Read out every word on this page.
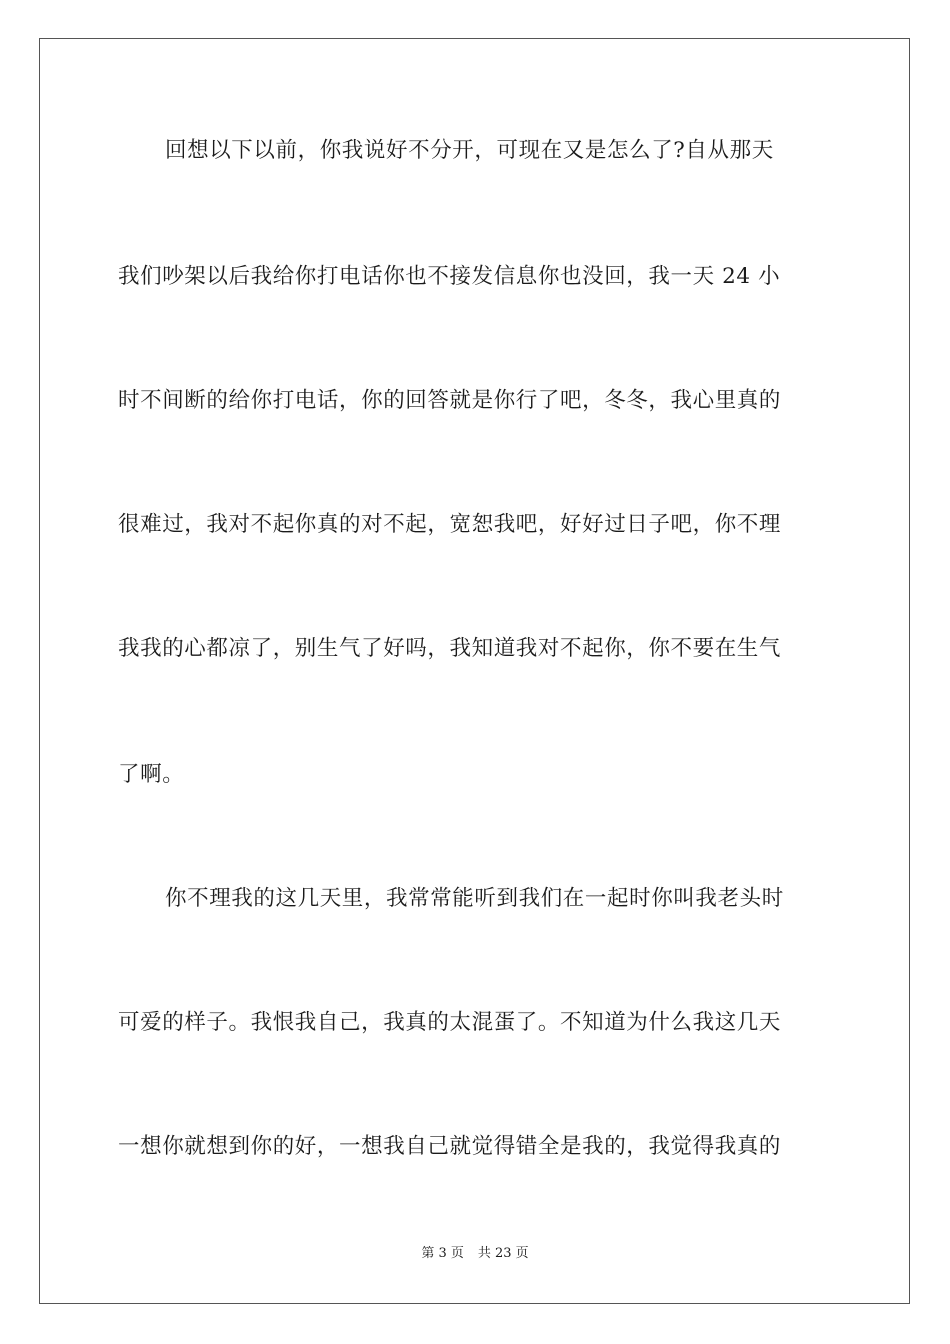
回想以下以前，你我说好不分开，可现在又是怎么了?自从那天
我们吵架以后我给你打电话你也不接发信息你也没回，我一天 24 小
时不间断的给你打电话，你的回答就是你行了吧，冬冬，我心里真的
很难过，我对不起你真的对不起，宽恕我吧，好好过日子吧，你不理
我我的心都凉了，别生气了好吗，我知道我对不起你，你不要在生气
了啊。
你不理我的这几天里，我常常能听到我们在一起时你叫我老头时
可爱的样子。我恨我自己，我真的太混蛋了。不知道为什么我这几天
一想你就想到你的好，一想我自己就觉得错全是我的，我觉得我真的
第 3 页 共 23 页
